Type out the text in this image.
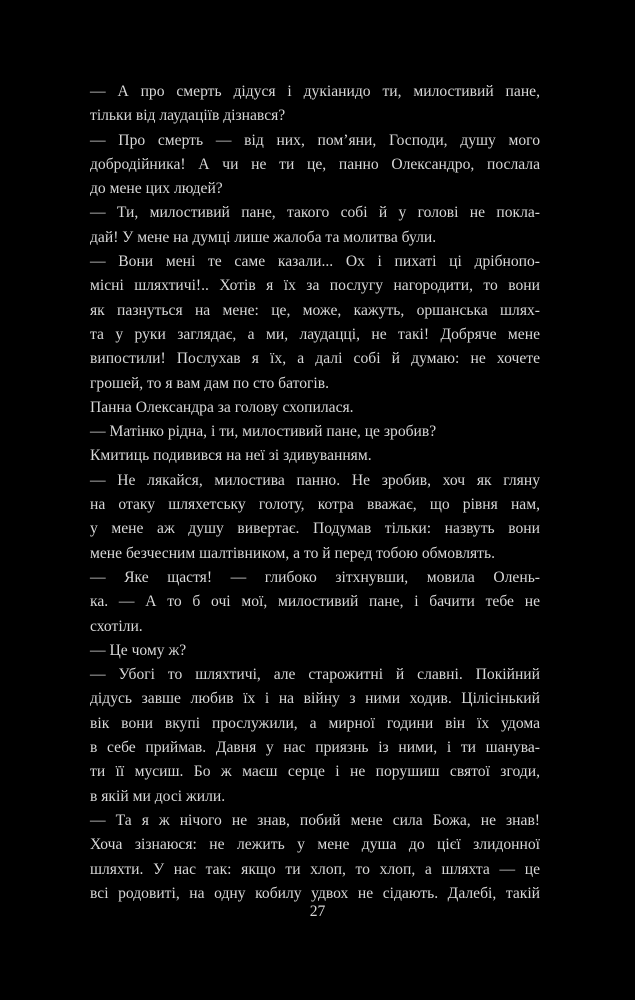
— А про смерть дідуся і дукіанидо ти, милостивий пане,
тільки від лаудаціїв дізнався?
— Про смерть — від них, пом’яни, Господи, душу мого
добродійника! А чи не ти це, панно Олександро, послала
до мене цих людей?
— Ти, милостивий пане, такого собі й у голові не покла-
дай! У мене на думці лише жалоба та молитва були.
— Вони мені те саме казали... Ох і пихаті ці дрібнопо-
місні шляхтичі!.. Хотів я їх за послугу нагородити, то вони
як пазнуться на мене: це, може, кажуть, оршанська шлях-
та у руки заглядає, а ми, лаудацці, не такі! Добряче мене
випостили! Послухав я їх, а далі собі й думаю: не хочете
грошей, то я вам дам по сто батогів.
Панна Олександра за голову схопилася.
— Матінко рідна, і ти, милостивий пане, це зробив?
Кмитиць подивився на неї зі здивуванням.
— Не лякайся, милостива панно. Не зробив, хоч як гляну
на отаку шляхетську голоту, котра вважає, що рівня нам,
у мене аж душу вивертає. Подумав тільки: назвуть вони
мене безчесним шалтівником, а то й перед тобою обмовлять.
— Яке щастя! — глибоко зітхнувши, мовила Олень-
ка. — А то б очі мої, милостивий пане, і бачити тебе не
схотіли.
— Це чому ж?
— Убогі то шляхтичі, але старожитні й славні. Покійний
дідусь завше любив їх і на війну з ними ходив. Цілісінький
вік вони вкупі прослужили, а мирної години він їх удома
в себе приймав. Давня у нас приязнь із ними, і ти шанува-
ти її мусиш. Бо ж маєш серце і не порушиш святої згоди,
в якій ми досі жили.
— Та я ж нічого не знав, побий мене сила Божа, не знав!
Хоча зізнаюся: не лежить у мене душа до цієї злидонної
шляхти. У нас так: якщо ти хлоп, то хлоп, а шляхта — це
всі родовиті, на одну кобилу удвох не сідають. Далебі, такій
27
